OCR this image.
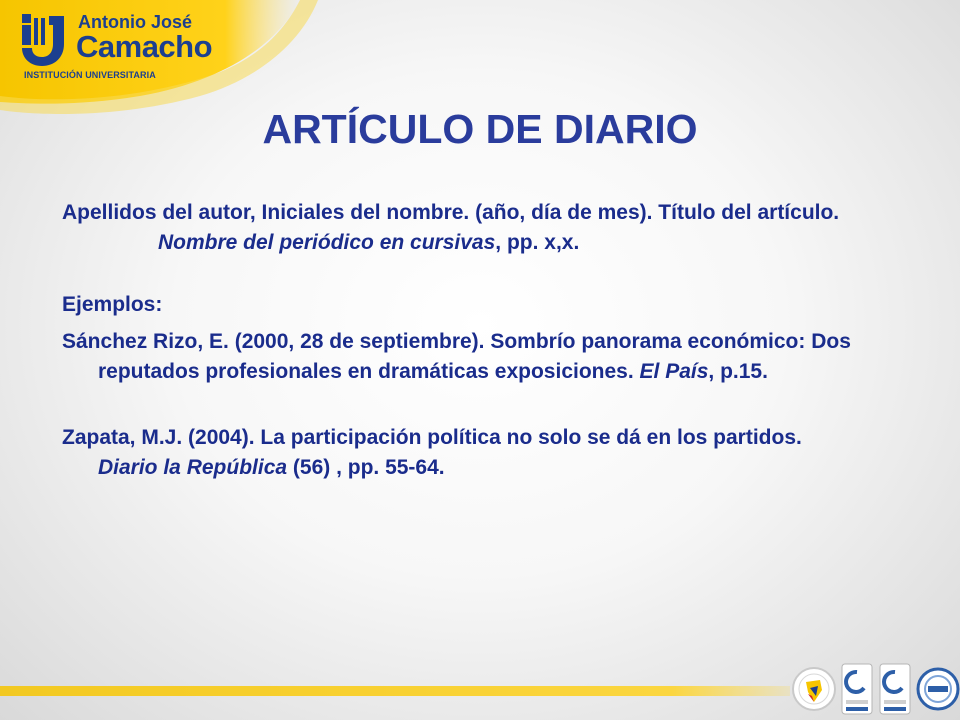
Antonio José
Camacho
INSTITUCIÓN UNIVERSITARIA
ARTÍCULO DE DIARIO

Apellidos del autor, Iniciales del nombre. (año, día de mes). Título del artículo. Nombre del periódico en cursivas, pp. x,x.

Ejemplos:

Sánchez Rizo, E. (2000, 28 de septiembre). Sombrío panorama económico: Dos reputados profesionales en dramáticas exposiciones. El País, p.15.

Zapata, M.J. (2004). La participación política no solo se dá en los partidos. Diario la República (56) , pp. 55-64.
